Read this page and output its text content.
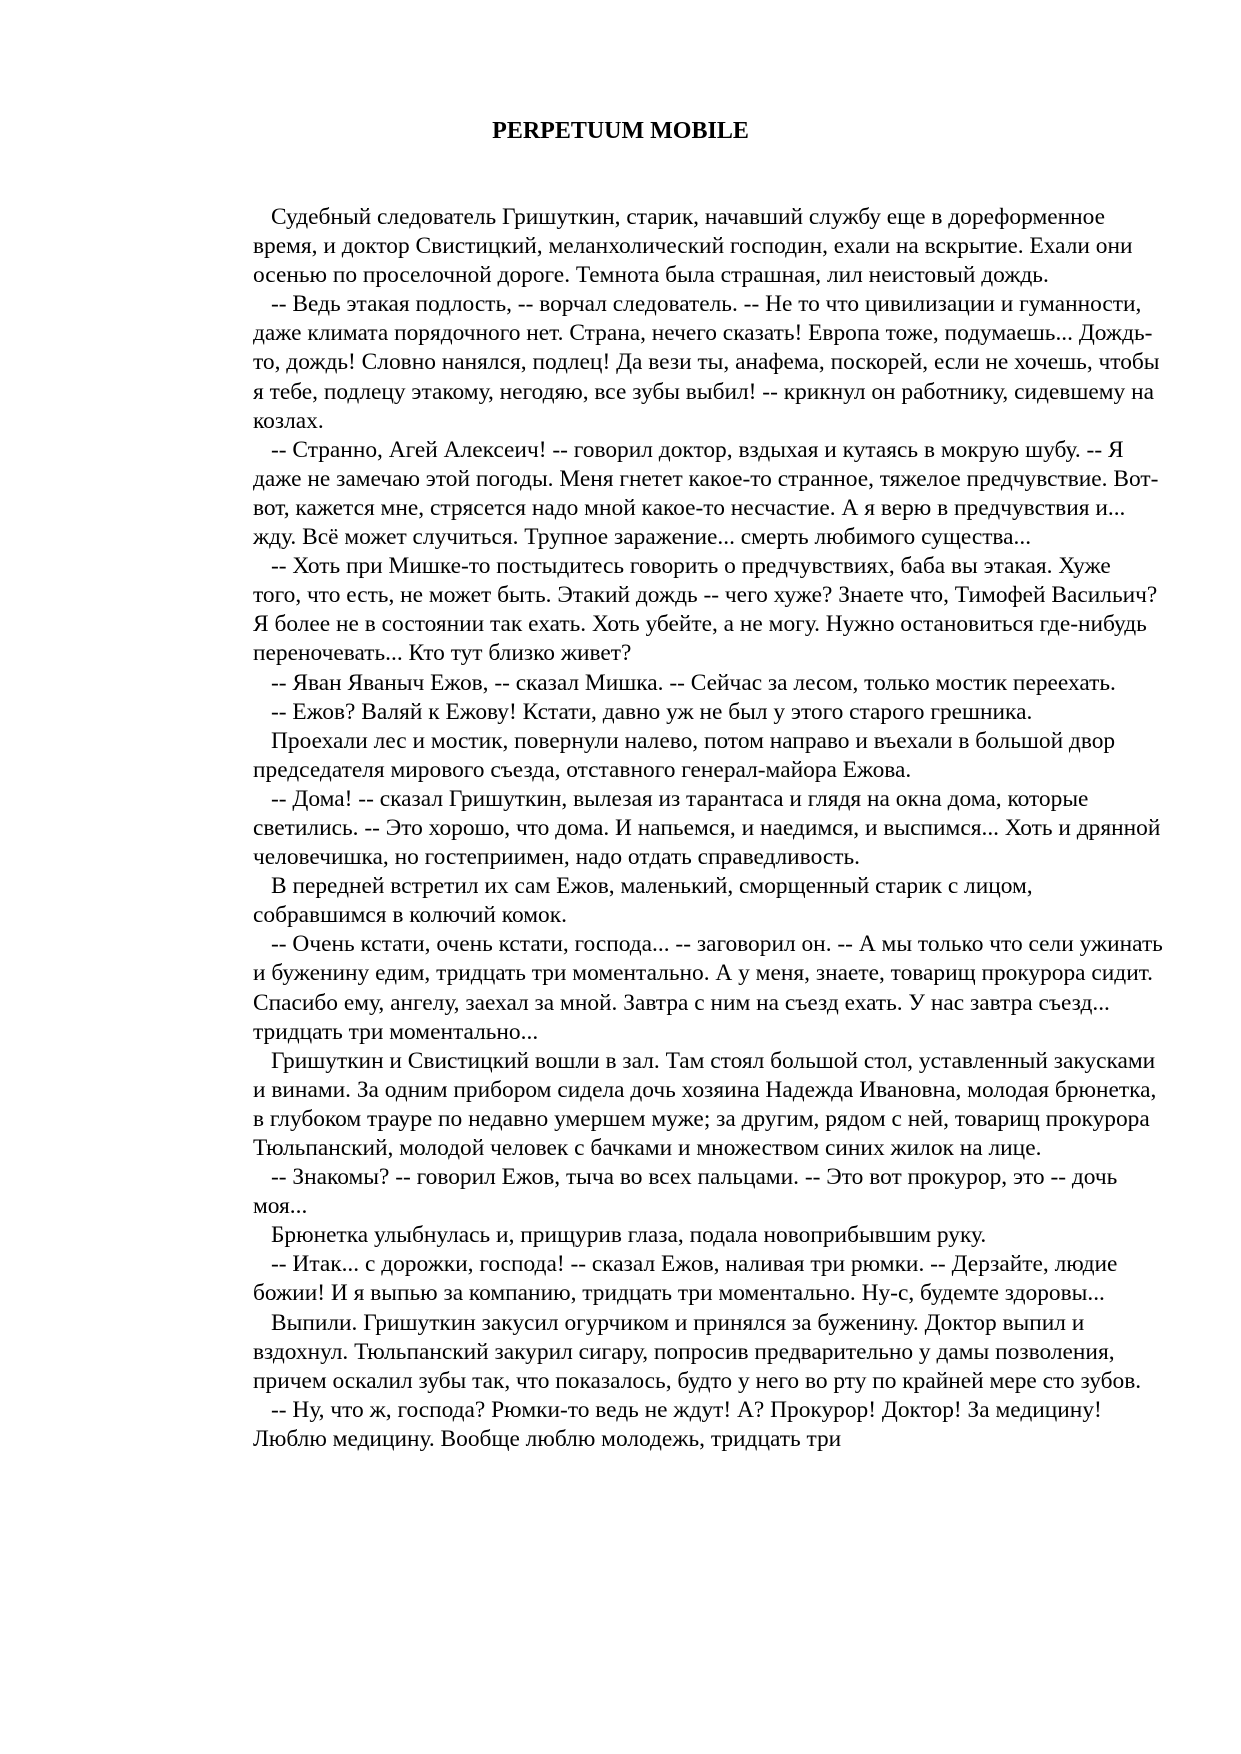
PERPETUUM MOBILE

Судебный следователь Гришуткин, старик, начавший службу еще в дореформенное время, и доктор Свистицкий, меланхолический господин, ехали на вскрытие. Ехали они осенью по проселочной дороге. Темнота была страшная, лил неистовый дождь.

-- Ведь этакая подлость, -- ворчал следователь. -- Не то что цивилизации и гуманности, даже климата порядочного нет. Страна, нечего сказать! Европа тоже, подумаешь... Дождь-то, дождь! Словно нанялся, подлец! Да вези ты, анафема, поскорей, если не хочешь, чтобы я тебе, подлецу этакому, негодяю, все зубы выбил! -- крикнул он работнику, сидевшему на козлах.

-- Странно, Агей Алексеич! -- говорил доктор, вздыхая и кутаясь в мокрую шубу. -- Я даже не замечаю этой погоды. Меня гнетет какое-то странное, тяжелое предчувствие. Вот-вот, кажется мне, стрясется надо мной какое-то несчастие. А я верю в предчувствия и... жду. Всё может случиться. Трупное заражение... смерть любимого существа...

-- Хоть при Мишке-то постыдитесь говорить о предчувствиях, баба вы этакая. Хуже того, что есть, не может быть. Этакий дождь -- чего хуже? Знаете что, Тимофей Васильич? Я более не в состоянии так ехать. Хоть убейте, а не могу. Нужно остановиться где-нибудь переночевать... Кто тут близко живет?

-- Яван Яваныч Ежов, -- сказал Мишка. -- Сейчас за лесом, только мостик переехать.

-- Ежов? Валяй к Ежову! Кстати, давно уж не был у этого старого грешника.

Проехали лес и мостик, повернули налево, потом направо и въехали в большой двор председателя мирового съезда, отставного генерал-майора Ежова.

-- Дома! -- сказал Гришуткин, вылезая из тарантаса и глядя на окна дома, которые светились. -- Это хорошо, что дома. И напьемся, и наедимся, и выспимся... Хоть и дрянной человечишка, но гостеприимен, надо отдать справедливость.

В передней встретил их сам Ежов, маленький, сморщенный старик с лицом, собравшимся в колючий комок.

-- Очень кстати, очень кстати, господа... -- заговорил он. -- А мы только что сели ужинать и буженину едим, тридцать три моментально. А у меня, знаете, товарищ прокурора сидит. Спасибо ему, ангелу, заехал за мной. Завтра с ним на съезд ехать. У нас завтра съезд... тридцать три моментально...

Гришуткин и Свистицкий вошли в зал. Там стоял большой стол, уставленный закусками и винами. За одним прибором сидела дочь хозяина Надежда Ивановна, молодая брюнетка, в глубоком трауре по недавно умершем муже; за другим, рядом с ней, товарищ прокурора Тюльпанский, молодой человек с бачками и множеством синих жилок на лице.

-- Знакомы? -- говорил Ежов, тыча во всех пальцами. -- Это вот прокурор, это -- дочь моя...

Брюнетка улыбнулась и, прищурив глаза, подала новоприбывшим руку.

-- Итак... с дорожки, господа! -- сказал Ежов, наливая три рюмки. -- Дерзайте, людие божии! И я выпью за компанию, тридцать три моментально. Ну-с, будемте здоровы...

Выпили. Гришуткин закусил огурчиком и принялся за буженину. Доктор выпил и вздохнул. Тюльпанский закурил сигару, попросив предварительно у дамы позволения, причем оскалил зубы так, что показалось, будто у него во рту по крайней мере сто зубов.

-- Ну, что ж, господа? Рюмки-то ведь не ждут! А? Прокурор! Доктор! За медицину! Люблю медицину. Вообще люблю молодежь, тридцать три
